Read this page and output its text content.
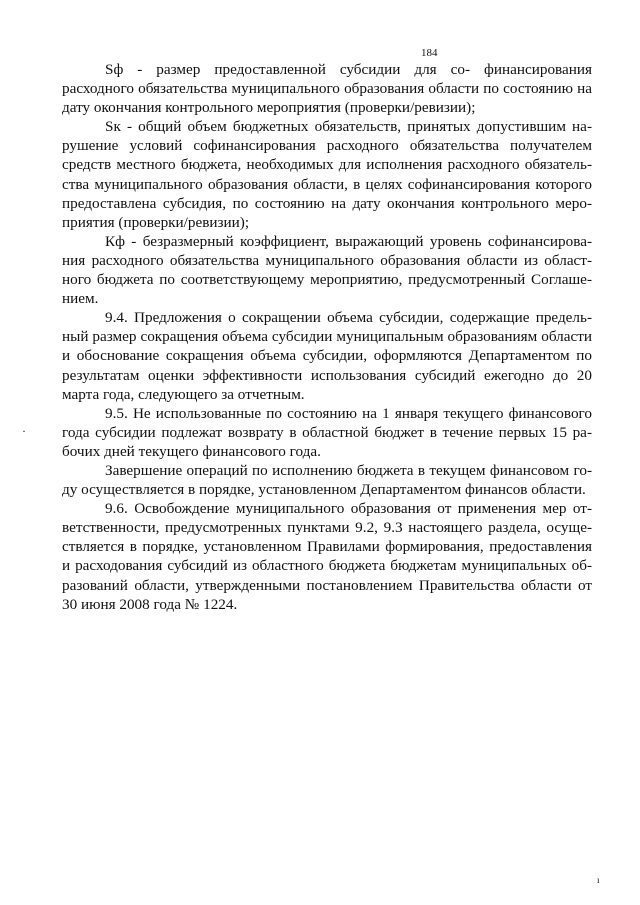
184

Sф - размер предоставленной субсидии для со- финансирования расходного обязательства муниципального образования области по состоянию на дату окончания контрольного мероприятия (проверки/ревизии);

Sк - общий объем бюджетных обязательств, принятых допустившим нарушение условий софинансирования расходного обязательства получателем средств местного бюджета, необходимых для исполнения расходного обязательства муниципального образования области, в целях софинансирования которого предоставлена субсидия, по состоянию на дату окончания контрольного мероприятия (проверки/ревизии);

Кф - безразмерный коэффициент, выражающий уровень софинансирования расходного обязательства муниципального образования области из областного бюджета по соответствующему мероприятию, предусмотренный Соглашением.

9.4. Предложения о сокращении объема субсидии, содержащие предельный размер сокращения объема субсидии муниципальным образованиям области и обоснование сокращения объема субсидии, оформляются Департаментом по результатам оценки эффективности использования субсидий ежегодно до 20 марта года, следующего за отчетным.

9.5. Не использованные по состоянию на 1 января текущего финансового года субсидии подлежат возврату в областной бюджет в течение первых 15 рабочих дней текущего финансового года.

Завершение операций по исполнению бюджета в текущем финансовом году осуществляется в порядке, установленном Департаментом финансов области.

9.6. Освобождение муниципального образования от применения мер ответственности, предусмотренных пунктами 9.2, 9.3 настоящего раздела, осуществляется в порядке, установленном Правилами формирования, предоставления и расходования субсидий из областного бюджета бюджетам муниципальных образований области, утвержденными постановлением Правительства области от 30 июня 2008 года № 1224.

·
ı
